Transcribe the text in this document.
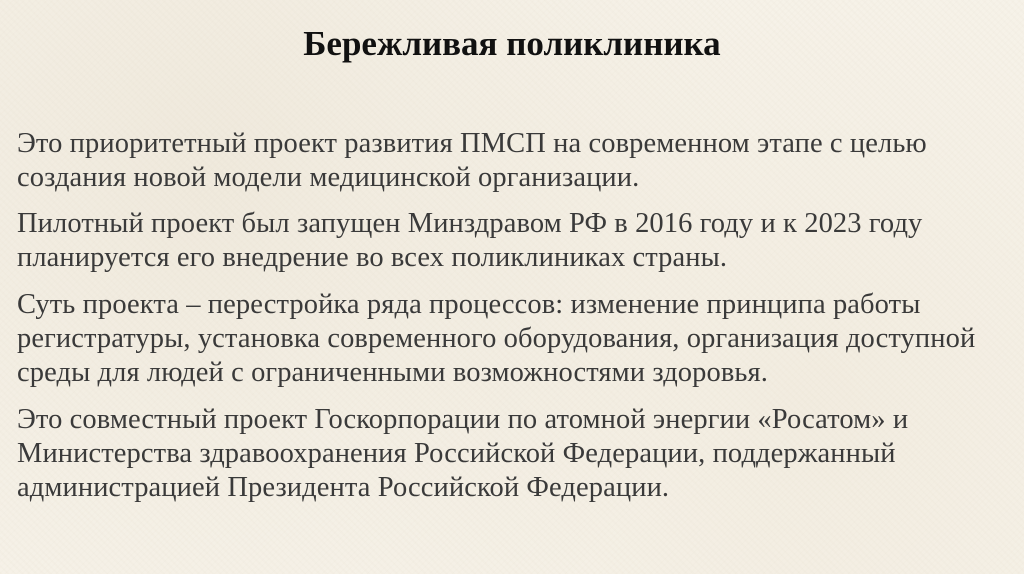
Бережливая поликлиника

Это приоритетный проект развития ПМСП на современном этапе с целью создания новой модели медицинской организации.

Пилотный проект был запущен Минздравом РФ в 2016 году и к 2023 году планируется его внедрение во всех поликлиниках страны.

Суть проекта – перестройка ряда процессов: изменение принципа работы регистратуры, установка современного оборудования, организация доступной среды для людей с ограниченными возможностями здоровья.

Это совместный проект Госкорпорации по атомной энергии «Росатом» и Министерства здравоохранения Российской Федерации, поддержанный администрацией Президента Российской Федерации.
